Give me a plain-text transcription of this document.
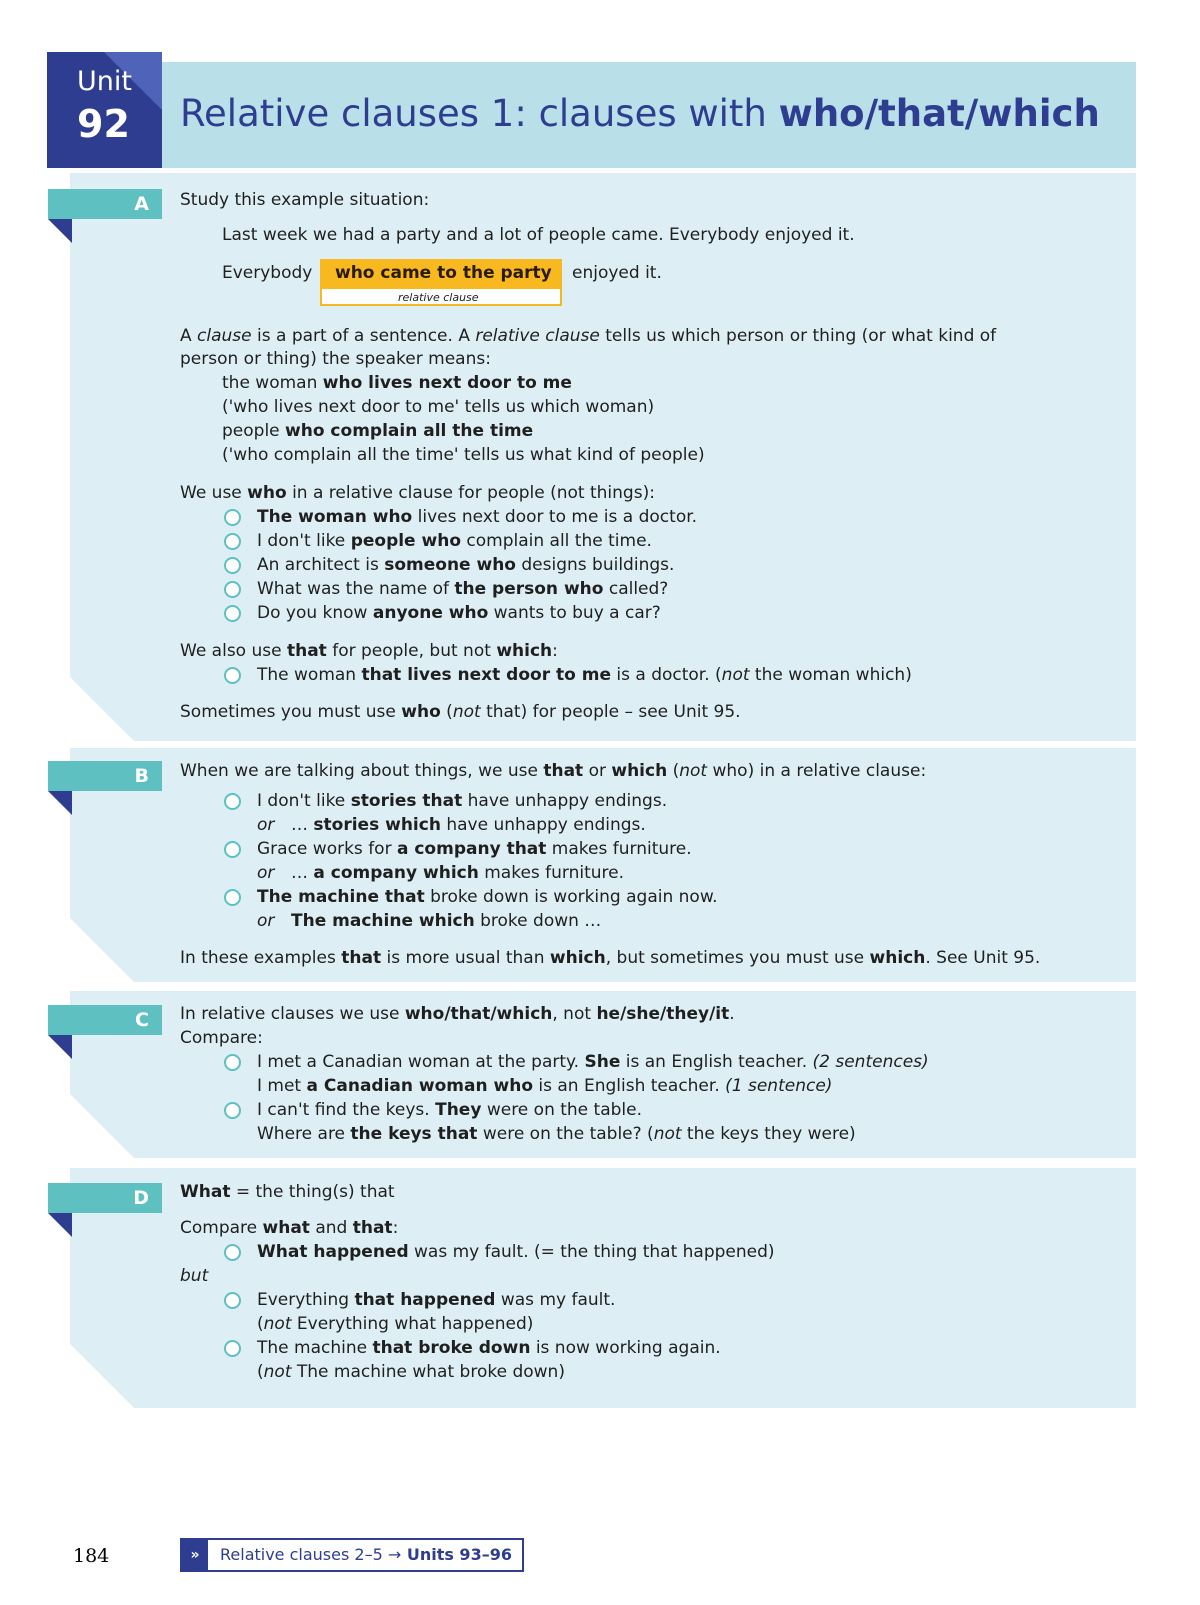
Unit
92 Relative clauses 1: clauses with who/that/which
A	Study this example situation:
Last week we had a party and a lot of people came. Everybody enjoyed it.
Everybody who came to the party
relative clause
enjoyed it.
A clause is a part of a sentence. A relative clause tells us which person or thing (or what kind of
person or thing) the speaker means:
the woman who lives next door to me
('who lives next door to me' tells us which woman)
people who complain all the time
('who complain all the time' tells us what kind of people)
We use who in a relative clause for people (not things):
The woman who lives next door to me is a doctor.
I don't like people who complain all the time.
An architect is someone who designs buildings.
What was the name of the person who called?
Do you know anyone who wants to buy a car?
We also use that for people, but not which:
The woman that lives next door to me is a doctor. (not the woman which)
Sometimes you must use who (not that) for people – see Unit 95.
B	When we are talking about things, we use that or which (not who) in a relative clause:
I don't like stories that have unhappy endings.
or … stories which have unhappy endings.
Grace works for a company that makes furniture.
or … a company which makes furniture.
The machine that broke down is working again now.
or The machine which broke down …
In these examples that is more usual than which, but sometimes you must use which. See Unit 95.
C	In relative clauses we use who/that/which, not he/she/they/it.
Compare:
I met a Canadian woman at the party. She is an English teacher. (2 sentences)
I met a Canadian woman who is an English teacher. (1 sentence)
I can't find the keys. They were on the table.
Where are the keys that were on the table? (not the keys they were)
D	What = the thing(s) that
Compare what and that:
What happened was my fault. (= the thing that happened)
but
Everything that happened was my fault.
(not Everything what happened)
The machine that broke down is now working again.
(not The machine what broke down)
184	»	Relative clauses 2–5 → Units 93–96
